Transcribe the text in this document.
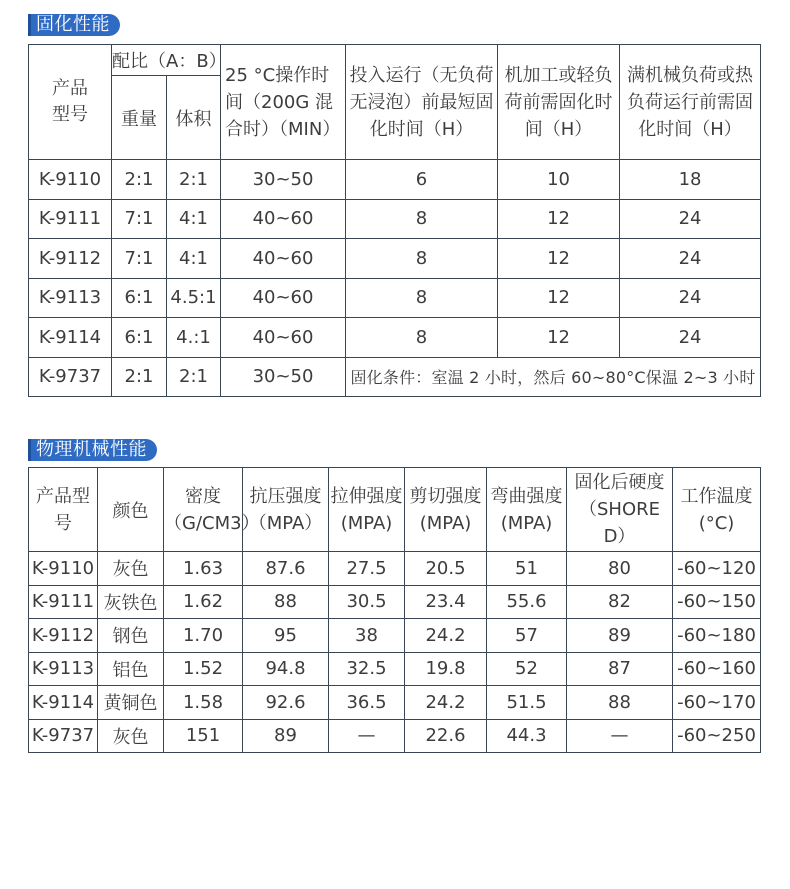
固化性能
产品
型号	配比（A：B）		25 °C操作时间（200G 混合时）（MIN）	投入运行（无负荷无浸泡）前最短固化时间（H）	机加工或轻负荷前需固化时间（H）	满机械负荷或热负荷运行前需固化时间（H）
	重量	体积				
K-9110	2:1	2:1	30~50	6	10	18
K-9111	7:1	4:1	40~60	8	12	24
K-9112	7:1	4:1	40~60	8	12	24
K-9113	6:1	4.5:1	40~60	8	12	24
K-9114	6:1	4.:1	40~60	8	12	24
K-9737	2:1	2:1	30~50	固化条件：室温 2 小时，然后 60~80°C保温 2~3 小时		
物理机械性能
产品型号	颜色	密度（G/CM3）	抗压强度（MPA）	拉伸强度(MPA)	剪切强度(MPA)	弯曲强度(MPA)	固化后硬度（SHORE D）	工作温度(°C)
K-9110	灰色	1.63	87.6	27.5	20.5	51	80	-60~120
K-9111	灰铁色	1.62	88	30.5	23.4	55.6	82	-60~150
K-9112	钢色	1.70	95	38	24.2	57	89	-60~180
K-9113	铝色	1.52	94.8	32.5	19.8	52	87	-60~160
K-9114	黄铜色	1.58	92.6	36.5	24.2	51.5	88	-60~170
K-9737	灰色	151	89	—	22.6	44.3	—	-60~250
